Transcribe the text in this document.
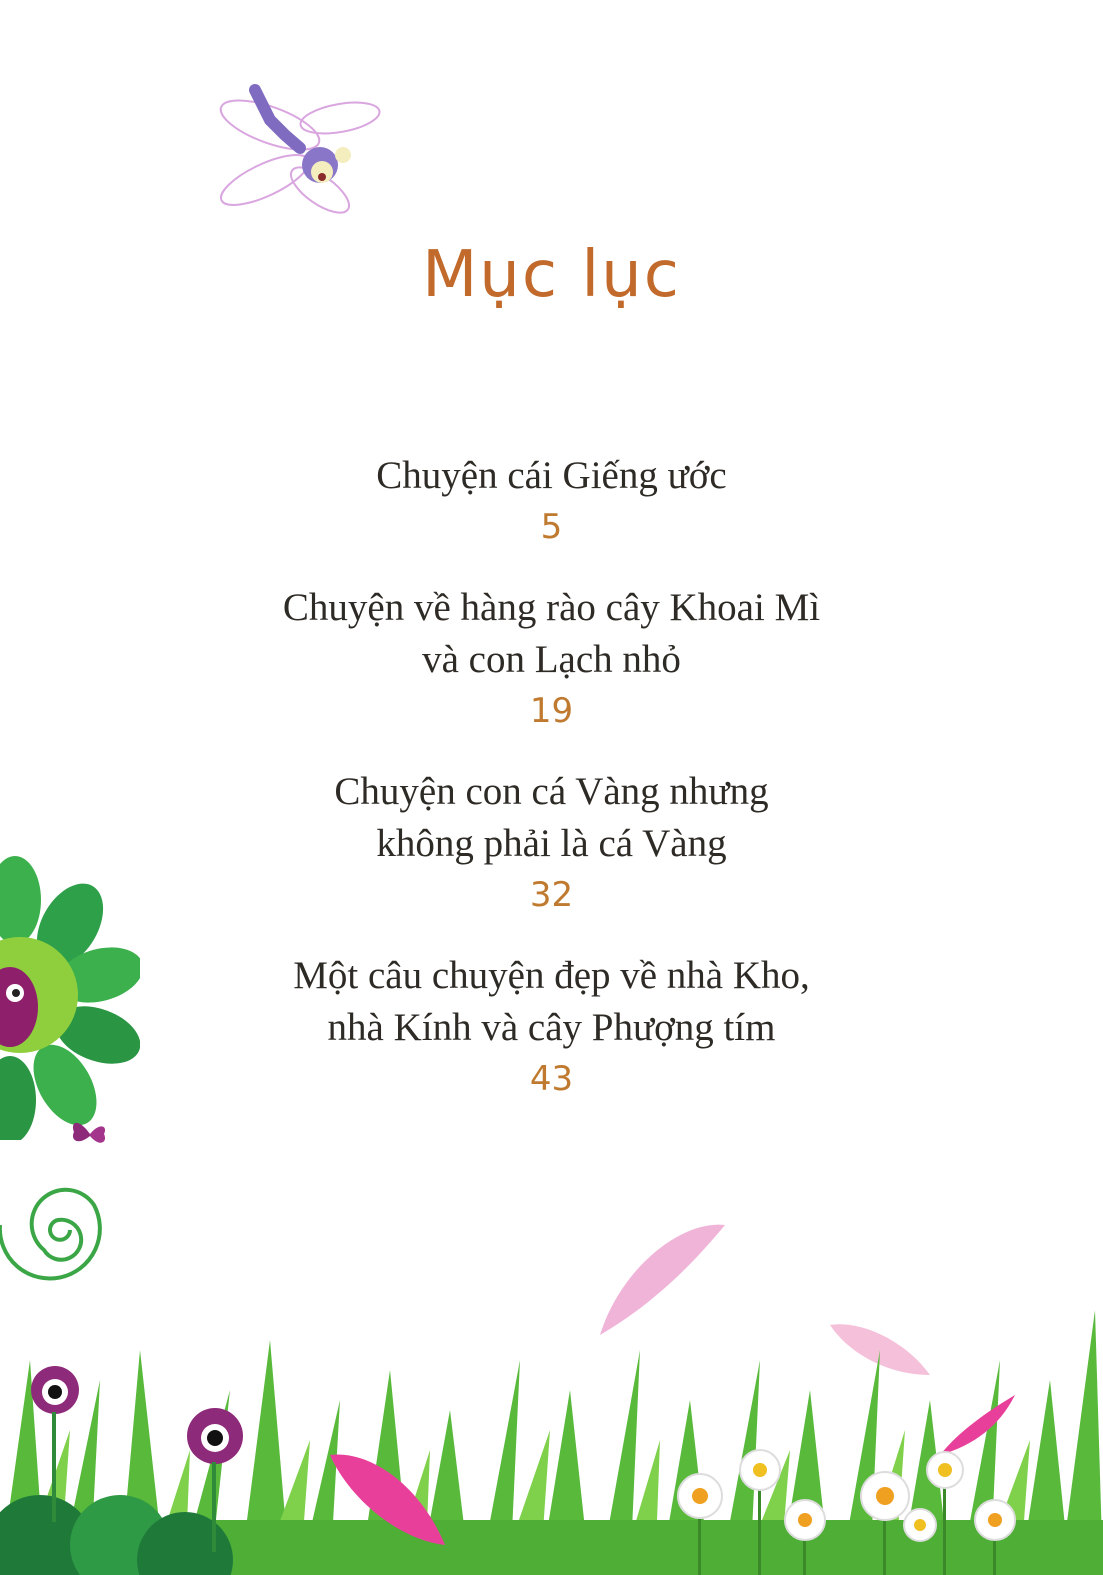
Mục lục

Chuyện cái Giếng ước

5

Chuyện về hàng rào cây Khoai Mì
và con Lạch nhỏ

19

Chuyện con cá Vàng nhưng
không phải là cá Vàng

32

Một câu chuyện đẹp về nhà Kho,
nhà Kính và cây Phượng tím

43
